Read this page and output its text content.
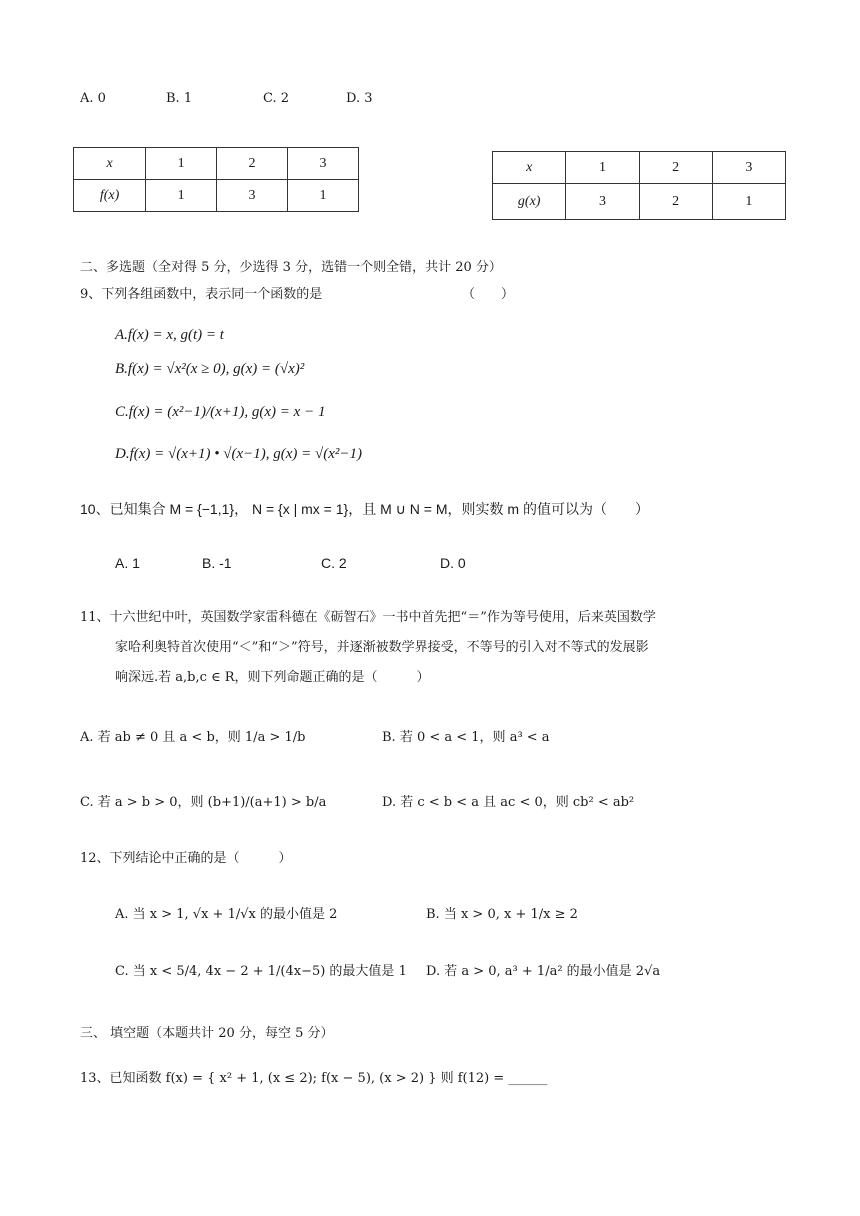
A. 0	B. 1	C. 2	D. 3
x	1	2	3
f(x)	1	3	1
x	1	2	3
g(x)	3	2	1
二、多选题（全对得 5 分，少选得 3 分，选错一个则全错，共计 20 分）
9、下列各组函数中，表示同一个函数的是	（　　）
A.f(x) = x, g(t) = t
B.f(x) = √x²(x ≥ 0), g(x) = (√x)²
C.f(x) = (x²−1)/(x+1), g(x) = x − 1
D.f(x) = √(x+1) • √(x−1), g(x) = √(x²−1)
10、已知集合 M = {−1,1}， N = {x | mx = 1}，且 M ∪ N = M，则实数 m 的值可以为（　　）
A. 1	B. -1	C. 2	D. 0
11、十六世纪中叶，英国数学家雷科德在《砺智石》一书中首先把“＝”作为等号使用，后来英国数学
家哈利奥特首次使用“＜”和“＞”符号，并逐渐被数学界接受，不等号的引入对不等式的发展影
响深远.若 a,b,c ∈ R，则下列命题正确的是（　　　）
A. 若 ab ≠ 0 且 a < b，则 1/a > 1/b	B. 若 0 < a < 1，则 a³ < a
C. 若 a > b > 0，则 (b+1)/(a+1) > b/a	D. 若 c < b < a 且 ac < 0，则 cb² < ab²
12、下列结论中正确的是（　　　）
A. 当 x > 1, √x + 1/√x 的最小值是 2	B. 当 x > 0, x + 1/x ≥ 2
C. 当 x < 5/4, 4x − 2 + 1/(4x−5) 的最大值是 1 D. 若 a > 0, a³ + 1/a² 的最小值是 2√a
三、 填空题（本题共计 20 分，每空 5 分）
13、已知函数 f(x) = { x² + 1, (x ≤ 2); f(x − 5), (x > 2) } 则 f(12) = ______
